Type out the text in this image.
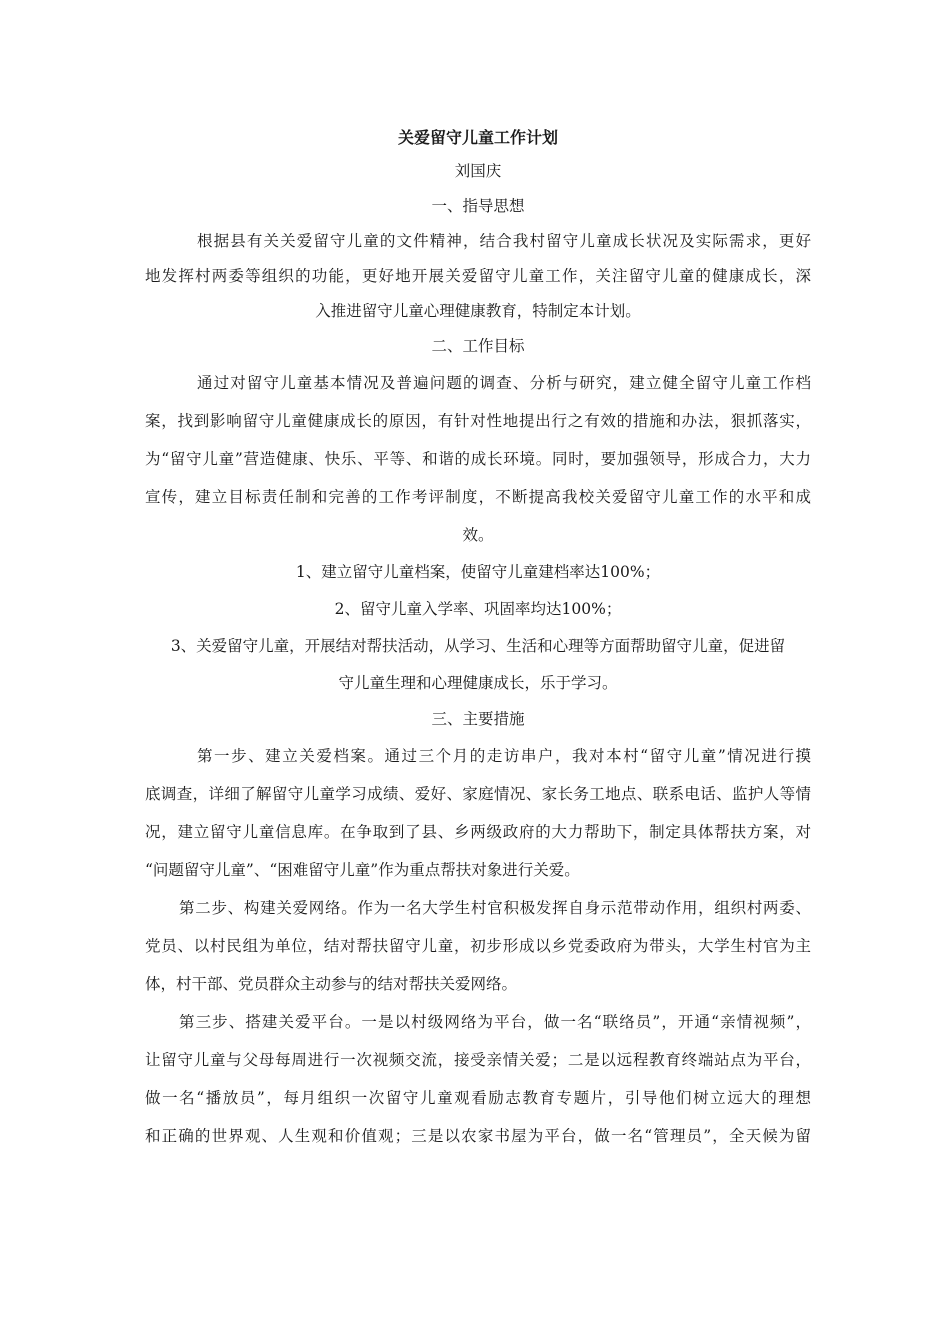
关爱留守儿童工作计划
刘国庆
一、指导思想
根据县有关关爱留守儿童的文件精神，结合我村留守儿童成长状况及实际需求，更好
地发挥村两委等组织的功能，更好地开展关爱留守儿童工作，关注留守儿童的健康成长，深
入推进留守儿童心理健康教育，特制定本计划。
二、工作目标
通过对留守儿童基本情况及普遍问题的调查、分析与研究，建立健全留守儿童工作档
案，找到影响留守儿童健康成长的原因，有针对性地提出行之有效的措施和办法，狠抓落实，
为“留守儿童”营造健康、快乐、平等、和谐的成长环境。同时，要加强领导，形成合力，大力
宣传，建立目标责任制和完善的工作考评制度，不断提高我校关爱留守儿童工作的水平和成
效。
1、建立留守儿童档案，使留守儿童建档率达100%；
2、留守儿童入学率、巩固率均达100%；
3、关爱留守儿童，开展结对帮扶活动，从学习、生活和心理等方面帮助留守儿童，促进留
守儿童生理和心理健康成长，乐于学习。
三、主要措施
第一步、建立关爱档案。通过三个月的走访串户，我对本村“留守儿童”情况进行摸
底调查，详细了解留守儿童学习成绩、爱好、家庭情况、家长务工地点、联系电话、监护人等情
况，建立留守儿童信息库。在争取到了县、乡两级政府的大力帮助下，制定具体帮扶方案，对
“问题留守儿童”、“困难留守儿童”作为重点帮扶对象进行关爱。
第二步、构建关爱网络。作为一名大学生村官积极发挥自身示范带动作用，组织村两委、
党员、以村民组为单位，结对帮扶留守儿童，初步形成以乡党委政府为带头，大学生村官为主
体，村干部、党员群众主动参与的结对帮扶关爱网络。
第三步、搭建关爱平台。一是以村级网络为平台，做一名“联络员”，开通“亲情视频”，
让留守儿童与父母每周进行一次视频交流，接受亲情关爱；二是以远程教育终端站点为平台，
做一名“播放员”，每月组织一次留守儿童观看励志教育专题片，引导他们树立远大的理想
和正确的世界观、人生观和价值观；三是以农家书屋为平台，做一名“管理员”，全天候为留
